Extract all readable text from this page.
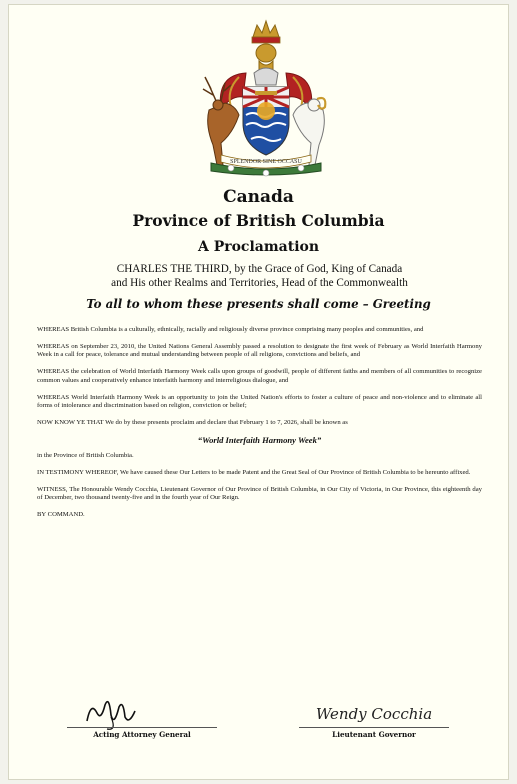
SPLENDOR SINE OCCASU
Canada
Province of British Columbia
A Proclamation
CHARLES THE THIRD, by the Grace of God, King of Canada
and His other Realms and Territories, Head of the Commonwealth
To all to whom these presents shall come – Greeting

WHEREAS British Columbia is a culturally, ethnically, racially and religiously diverse province comprising many peoples and communities, and

WHEREAS on September 23, 2010, the United Nations General Assembly passed a resolution to designate the first week of February as World Interfaith Harmony Week in a call for peace, tolerance and mutual understanding between people of all religions, convictions and beliefs, and

WHEREAS the celebration of World Interfaith Harmony Week calls upon groups of goodwill, people of different faiths and members of all communities to recognize common values and cooperatively enhance interfaith harmony and interreligious dialogue, and

WHEREAS World Interfaith Harmony Week is an opportunity to join the United Nation's efforts to foster a culture of peace and non-violence and to eliminate all forms of intolerance and discrimination based on religion, conviction or belief;

NOW KNOW YE THAT We do by these presents proclaim and declare that February 1 to 7, 2026, shall be known as

“World Interfaith Harmony Week”

in the Province of British Columbia.

IN TESTIMONY WHEREOF, We have caused these Our Letters to be made Patent and the Great Seal of Our Province of British Columbia to be hereunto affixed.

WITNESS, The Honourable Wendy Cocchia, Lieutenant Governor of Our Province of British Columbia, in Our City of Victoria, in Our Province, this eighteenth day of December, two thousand twenty-five and in the fourth year of Our Reign.

BY COMMAND.

Acting Attorney General
Wendy Cocchia
Lieutenant Governor
